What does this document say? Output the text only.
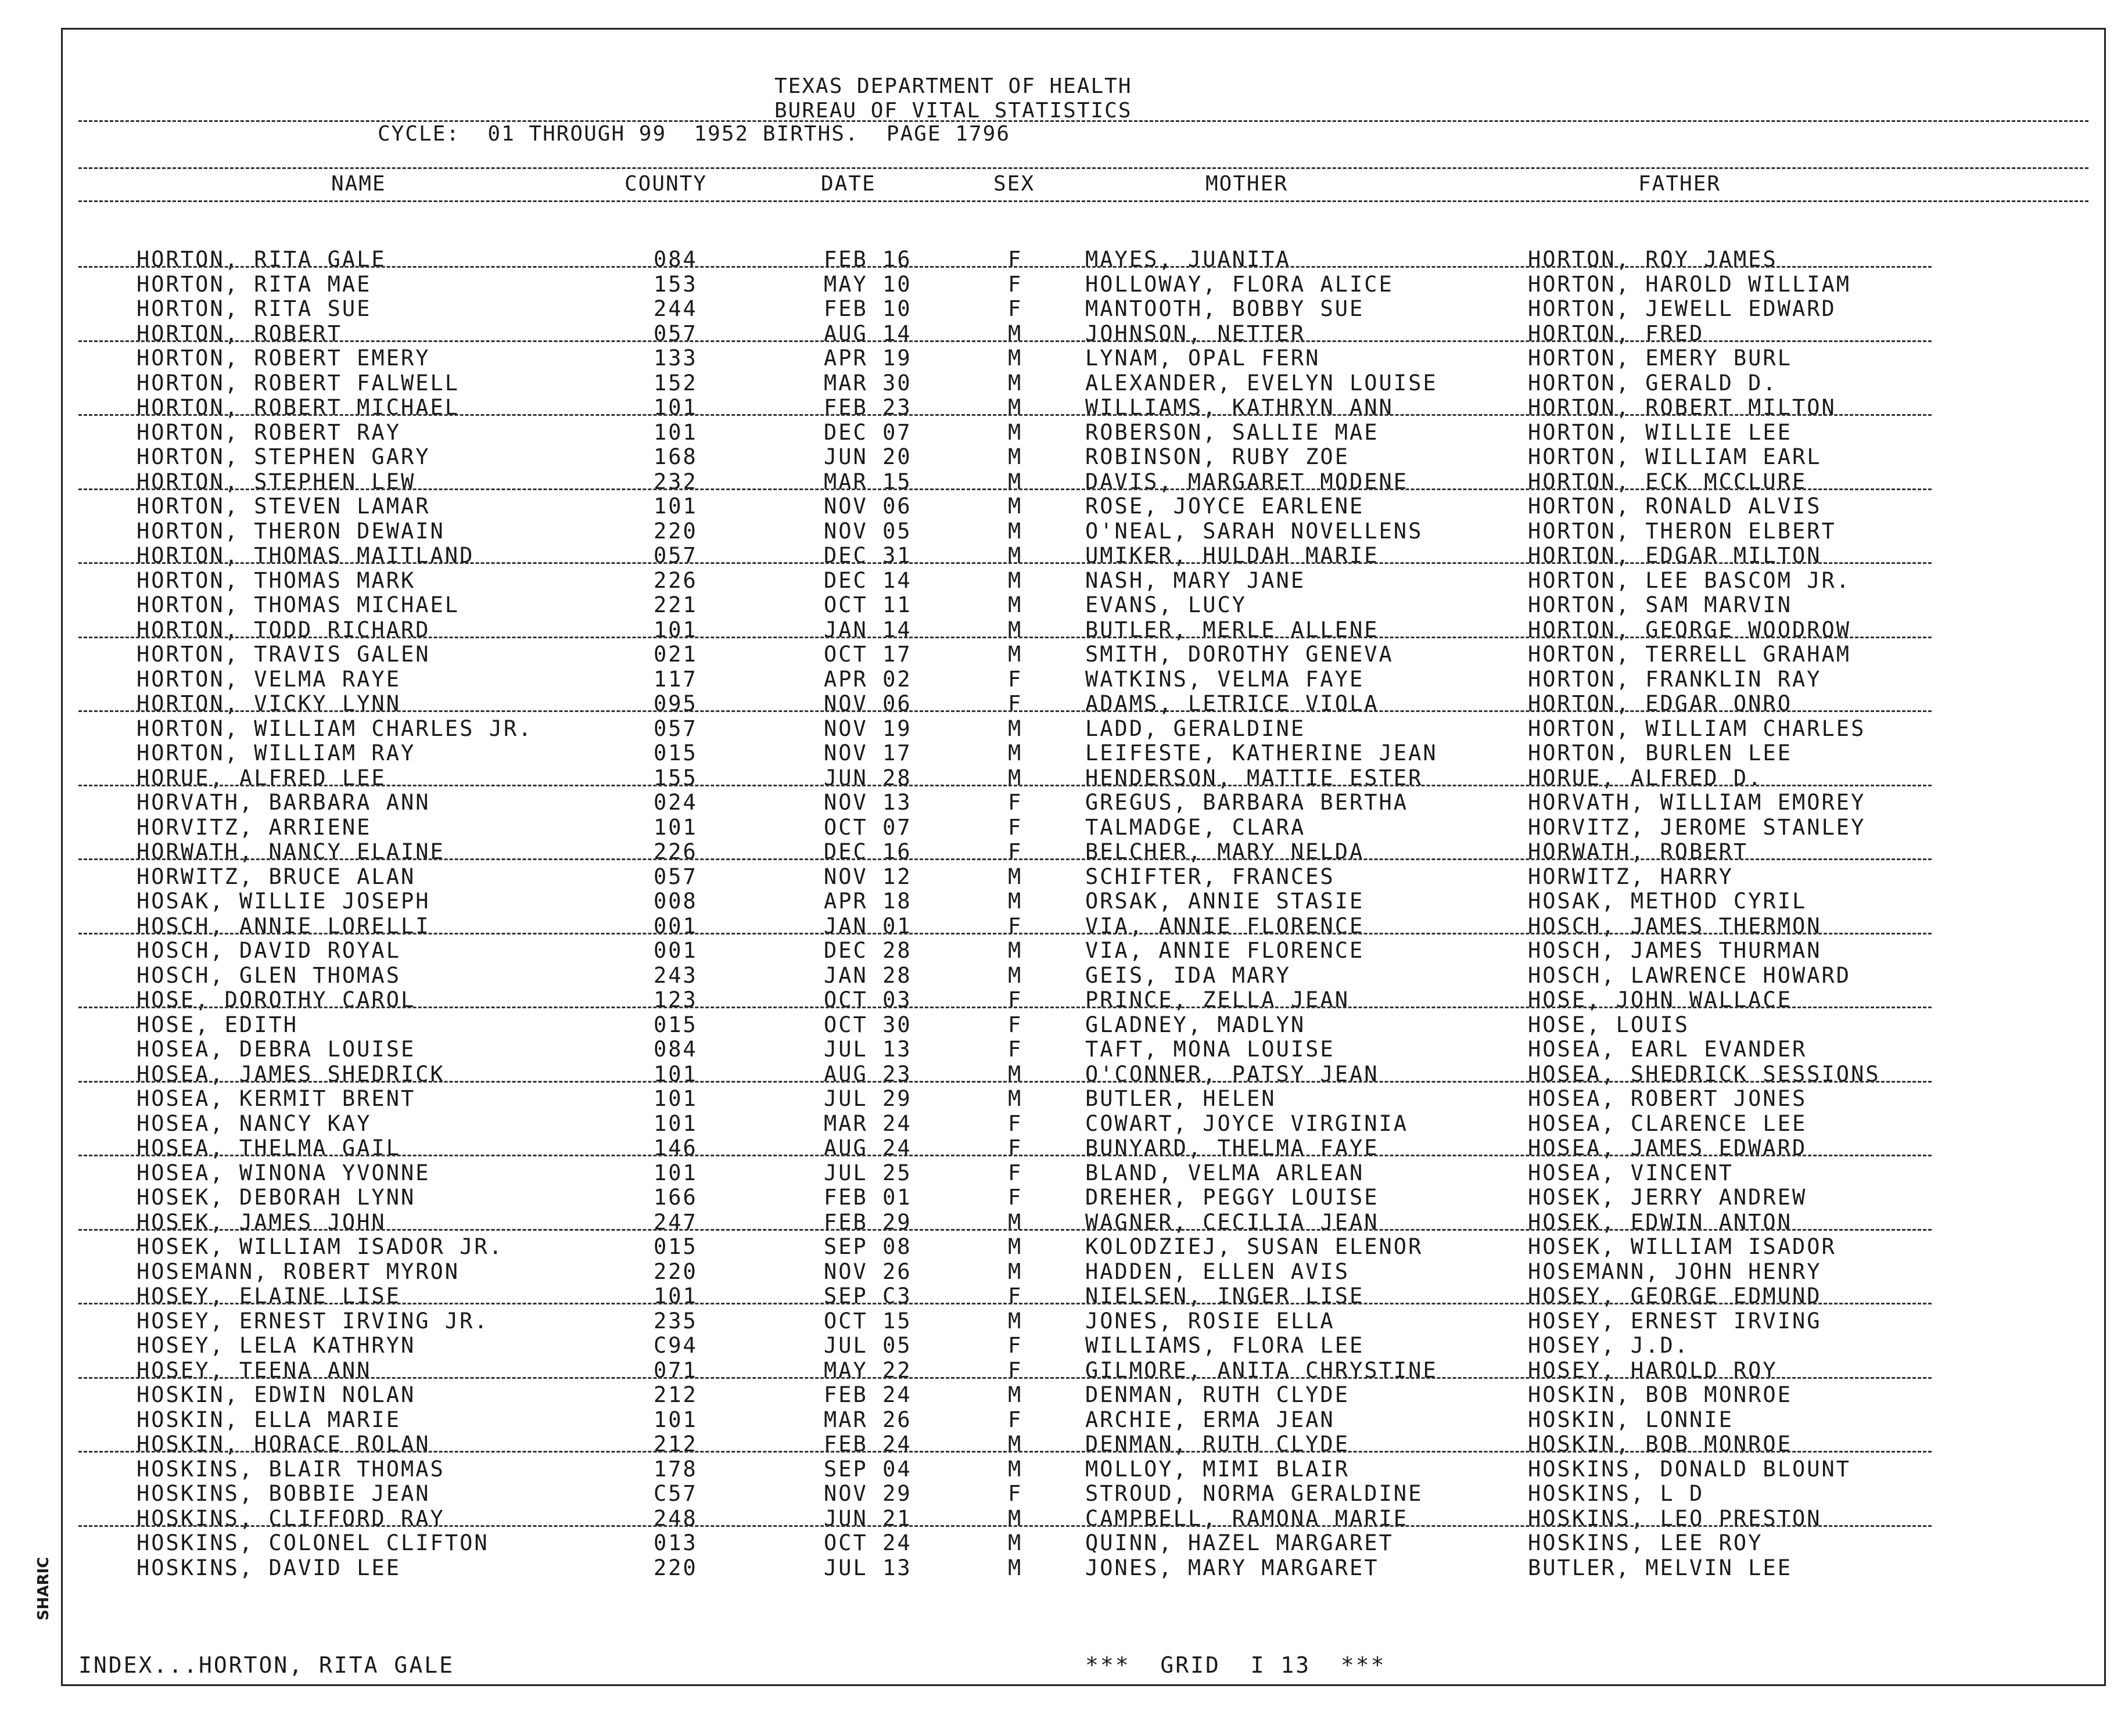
TEXAS DEPARTMENT OF HEALTH
BUREAU OF VITAL STATISTICS
CYCLE:  01 THROUGH 99  1952 BIRTHS.  PAGE 1796
NAME	COUNTY	DATE	SEX	MOTHER	FATHER
HORTON, RITA GALE	084	FEB 16	F	MAYES, JUANITA	HORTON, ROY JAMES
HORTON, RITA MAE	153	MAY 10	F	HOLLOWAY, FLORA ALICE	HORTON, HAROLD WILLIAM
HORTON, RITA SUE	244	FEB 10	F	MANTOOTH, BOBBY SUE	HORTON, JEWELL EDWARD
HORTON, ROBERT	057	AUG 14	M	JOHNSON, NETTER	HORTON, FRED
HORTON, ROBERT EMERY	133	APR 19	M	LYNAM, OPAL FERN	HORTON, EMERY BURL
HORTON, ROBERT FALWELL	152	MAR 30	M	ALEXANDER, EVELYN LOUISE	HORTON, GERALD D.
HORTON, ROBERT MICHAEL	101	FEB 23	M	WILLIAMS, KATHRYN ANN	HORTON, ROBERT MILTON
HORTON, ROBERT RAY	101	DEC 07	M	ROBERSON, SALLIE MAE	HORTON, WILLIE LEE
HORTON, STEPHEN GARY	168	JUN 20	M	ROBINSON, RUBY ZOE	HORTON, WILLIAM EARL
HORTON, STEPHEN LEW	232	MAR 15	M	DAVIS, MARGARET MODENE	HORTON, ECK MCCLURE
HORTON, STEVEN LAMAR	101	NOV 06	M	ROSE, JOYCE EARLENE	HORTON, RONALD ALVIS
HORTON, THERON DEWAIN	220	NOV 05	M	O'NEAL, SARAH NOVELLENS	HORTON, THERON ELBERT
HORTON, THOMAS MAITLAND	057	DEC 31	M	UMIKER, HULDAH MARIE	HORTON, EDGAR MILTON
HORTON, THOMAS MARK	226	DEC 14	M	NASH, MARY JANE	HORTON, LEE BASCOM JR.
HORTON, THOMAS MICHAEL	221	OCT 11	M	EVANS, LUCY	HORTON, SAM MARVIN
HORTON, TODD RICHARD	101	JAN 14	M	BUTLER, MERLE ALLENE	HORTON, GEORGE WOODROW
HORTON, TRAVIS GALEN	021	OCT 17	M	SMITH, DOROTHY GENEVA	HORTON, TERRELL GRAHAM
HORTON, VELMA RAYE	117	APR 02	F	WATKINS, VELMA FAYE	HORTON, FRANKLIN RAY
HORTON, VICKY LYNN	095	NOV 06	F	ADAMS, LETRICE VIOLA	HORTON, EDGAR ONRO
HORTON, WILLIAM CHARLES JR.	057	NOV 19	M	LADD, GERALDINE	HORTON, WILLIAM CHARLES
HORTON, WILLIAM RAY	015	NOV 17	M	LEIFESTE, KATHERINE JEAN	HORTON, BURLEN LEE
HORUE, ALFRED LEE	155	JUN 28	M	HENDERSON, MATTIE ESTER	HORUE, ALFRED D.
HORVATH, BARBARA ANN	024	NOV 13	F	GREGUS, BARBARA BERTHA	HORVATH, WILLIAM EMOREY
HORVITZ, ARRIENE	101	OCT 07	F	TALMADGE, CLARA	HORVITZ, JEROME STANLEY
HORWATH, NANCY ELAINE	226	DEC 16	F	BELCHER, MARY NELDA	HORWATH, ROBERT
HORWITZ, BRUCE ALAN	057	NOV 12	M	SCHIFTER, FRANCES	HORWITZ, HARRY
HOSAK, WILLIE JOSEPH	008	APR 18	M	ORSAK, ANNIE STASIE	HOSAK, METHOD CYRIL
HOSCH, ANNIE LORELLI	001	JAN 01	F	VIA, ANNIE FLORENCE	HOSCH, JAMES THERMON
HOSCH, DAVID ROYAL	001	DEC 28	M	VIA, ANNIE FLORENCE	HOSCH, JAMES THURMAN
HOSCH, GLEN THOMAS	243	JAN 28	M	GEIS, IDA MARY	HOSCH, LAWRENCE HOWARD
HOSE, DOROTHY CAROL	123	OCT 03	F	PRINCE, ZELLA JEAN	HOSE, JOHN WALLACE
HOSE, EDITH	015	OCT 30	F	GLADNEY, MADLYN	HOSE, LOUIS
HOSEA, DEBRA LOUISE	084	JUL 13	F	TAFT, MONA LOUISE	HOSEA, EARL EVANDER
HOSEA, JAMES SHEDRICK	101	AUG 23	M	O'CONNER, PATSY JEAN	HOSEA, SHEDRICK SESSIONS
HOSEA, KERMIT BRENT	101	JUL 29	M	BUTLER, HELEN	HOSEA, ROBERT JONES
HOSEA, NANCY KAY	101	MAR 24	F	COWART, JOYCE VIRGINIA	HOSEA, CLARENCE LEE
HOSEA, THELMA GAIL	146	AUG 24	F	BUNYARD, THELMA FAYE	HOSEA, JAMES EDWARD
HOSEA, WINONA YVONNE	101	JUL 25	F	BLAND, VELMA ARLEAN	HOSEA, VINCENT
HOSEK, DEBORAH LYNN	166	FEB 01	F	DREHER, PEGGY LOUISE	HOSEK, JERRY ANDREW
HOSEK, JAMES JOHN	247	FEB 29	M	WAGNER, CECILIA JEAN	HOSEK, EDWIN ANTON
HOSEK, WILLIAM ISADOR JR.	015	SEP 08	M	KOLODZIEJ, SUSAN ELENOR	HOSEK, WILLIAM ISADOR
HOSEMANN, ROBERT MYRON	220	NOV 26	M	HADDEN, ELLEN AVIS	HOSEMANN, JOHN HENRY
HOSEY, ELAINE LISE	101	SEP C3	F	NIELSEN, INGER LISE	HOSEY, GEORGE EDMUND
HOSEY, ERNEST IRVING JR.	235	OCT 15	M	JONES, ROSIE ELLA	HOSEY, ERNEST IRVING
HOSEY, LELA KATHRYN	C94	JUL 05	F	WILLIAMS, FLORA LEE	HOSEY, J.D.
HOSEY, TEENA ANN	071	MAY 22	F	GILMORE, ANITA CHRYSTINE	HOSEY, HAROLD ROY
HOSKIN, EDWIN NOLAN	212	FEB 24	M	DENMAN, RUTH CLYDE	HOSKIN, BOB MONROE
HOSKIN, ELLA MARIE	101	MAR 26	F	ARCHIE, ERMA JEAN	HOSKIN, LONNIE
HOSKIN, HORACE ROLAN	212	FEB 24	M	DENMAN, RUTH CLYDE	HOSKIN, BOB MONROE
HOSKINS, BLAIR THOMAS	178	SEP 04	M	MOLLOY, MIMI BLAIR	HOSKINS, DONALD BLOUNT
HOSKINS, BOBBIE JEAN	C57	NOV 29	F	STROUD, NORMA GERALDINE	HOSKINS, L D
HOSKINS, CLIFFORD RAY	248	JUN 21	M	CAMPBELL, RAMONA MARIE	HOSKINS, LEO PRESTON
HOSKINS, COLONEL CLIFTON	013	OCT 24	M	QUINN, HAZEL MARGARET	HOSKINS, LEE ROY
HOSKINS, DAVID LEE	220	JUL 13	M	JONES, MARY MARGARET	BUTLER, MELVIN LEE
INDEX...HORTON, RITA GALE	***  GRID  I 13  ***
SHARIC
